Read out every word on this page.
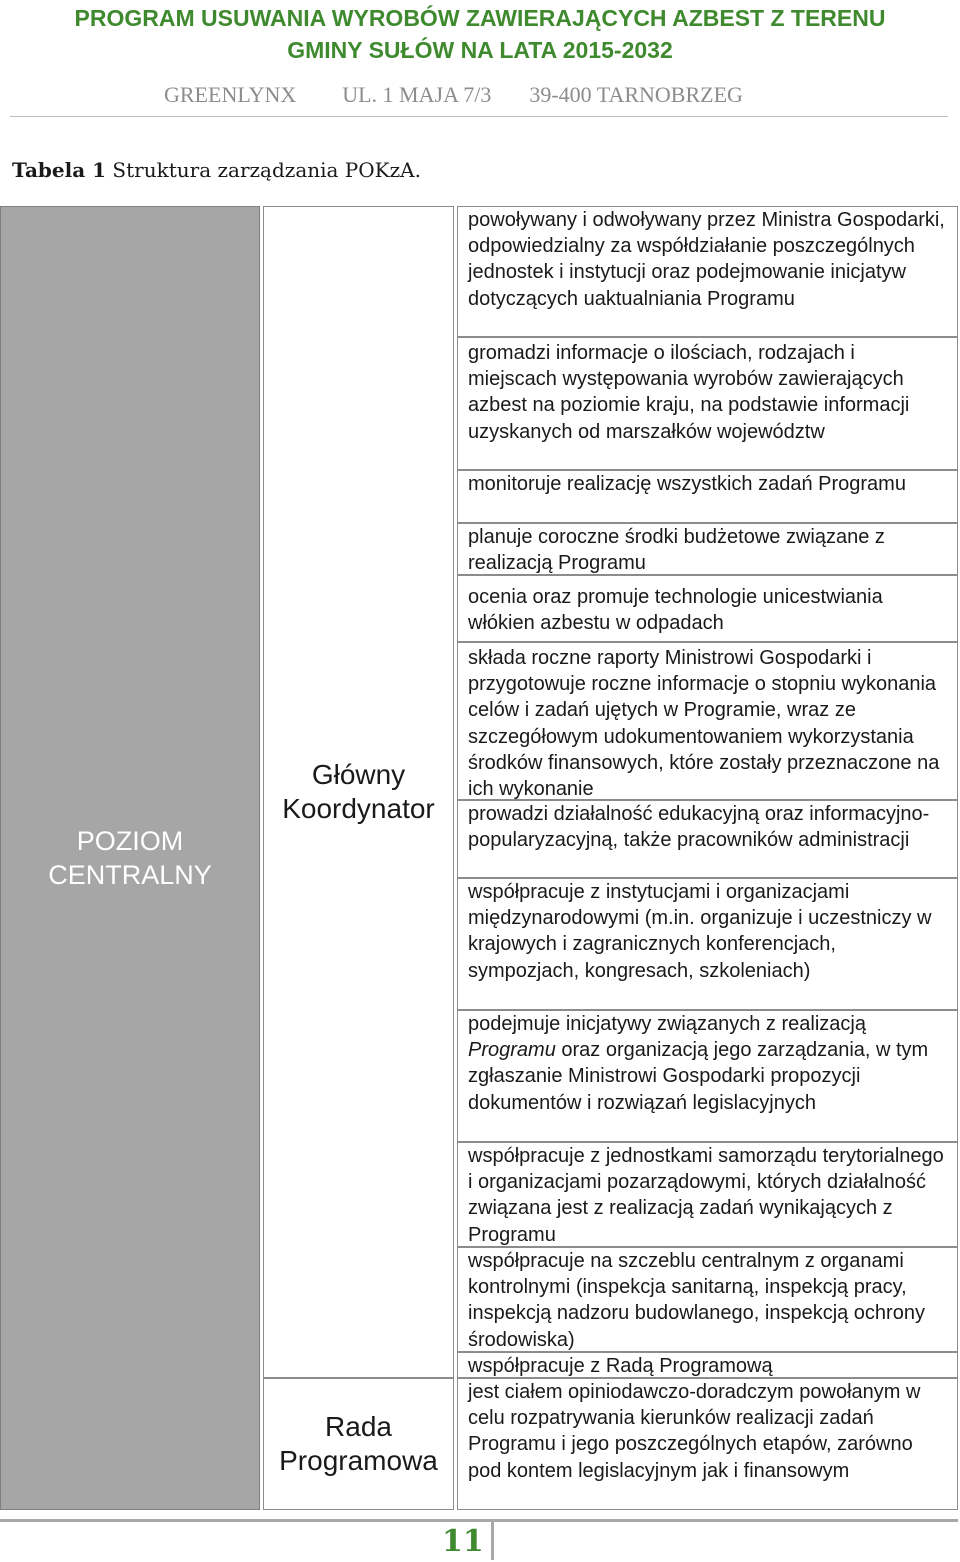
PROGRAM USUWANIA WYROBÓW ZAWIERAJĄCYCH AZBEST Z TERENU
GMINY SUŁÓW NA LATA 2015-2032
GREENLYNX UL. 1 MAJA 7/3 39-400 TARNOBRZEG
Tabela 1 Struktura zarządzania POKzA.
POZIOM CENTRALNY
Główny Koordynator
Rada Programowa
powoływany i odwoływany przez Ministra Gospodarki, odpowiedzialny za współdziałanie poszczególnych jednostek i instytucji oraz podejmowanie inicjatyw dotyczących uaktualniania Programu
gromadzi informacje o ilościach, rodzajach i miejscach występowania wyrobów zawierających azbest na poziomie kraju, na podstawie informacji uzyskanych od marszałków województw
monitoruje realizację wszystkich zadań Programu
planuje coroczne środki budżetowe związane z realizacją Programu
ocenia oraz promuje technologie unicestwiania włókien azbestu w odpadach
składa roczne raporty Ministrowi Gospodarki i przygotowuje roczne informacje o stopniu wykonania celów i zadań ujętych w Programie, wraz ze szczegółowym udokumentowaniem wykorzystania środków finansowych, które zostały przeznaczone na ich wykonanie
prowadzi działalność edukacyjną oraz informacyjno-popularyzacyjną, także pracowników administracji
współpracuje z instytucjami i organizacjami międzynarodowymi (m.in. organizuje i uczestniczy w krajowych i zagranicznych konferencjach, sympozjach, kongresach, szkoleniach)
podejmuje inicjatywy związanych z realizacją Programu oraz organizacją jego zarządzania, w tym zgłaszanie Ministrowi Gospodarki propozycji dokumentów i rozwiązań legislacyjnych
współpracuje z jednostkami samorządu terytorialnego i organizacjami pozarządowymi, których działalność związana jest z realizacją zadań wynikających z Programu
współpracuje na szczeblu centralnym z organami kontrolnymi (inspekcja sanitarną, inspekcją pracy, inspekcją nadzoru budowlanego, inspekcją ochrony środowiska)
współpracuje z Radą Programową
jest ciałem opiniodawczo-doradczym powołanym w celu rozpatrywania kierunków realizacji zadań Programu i jego poszczególnych etapów, zarówno pod kontem legislacyjnym jak i finansowym
11
